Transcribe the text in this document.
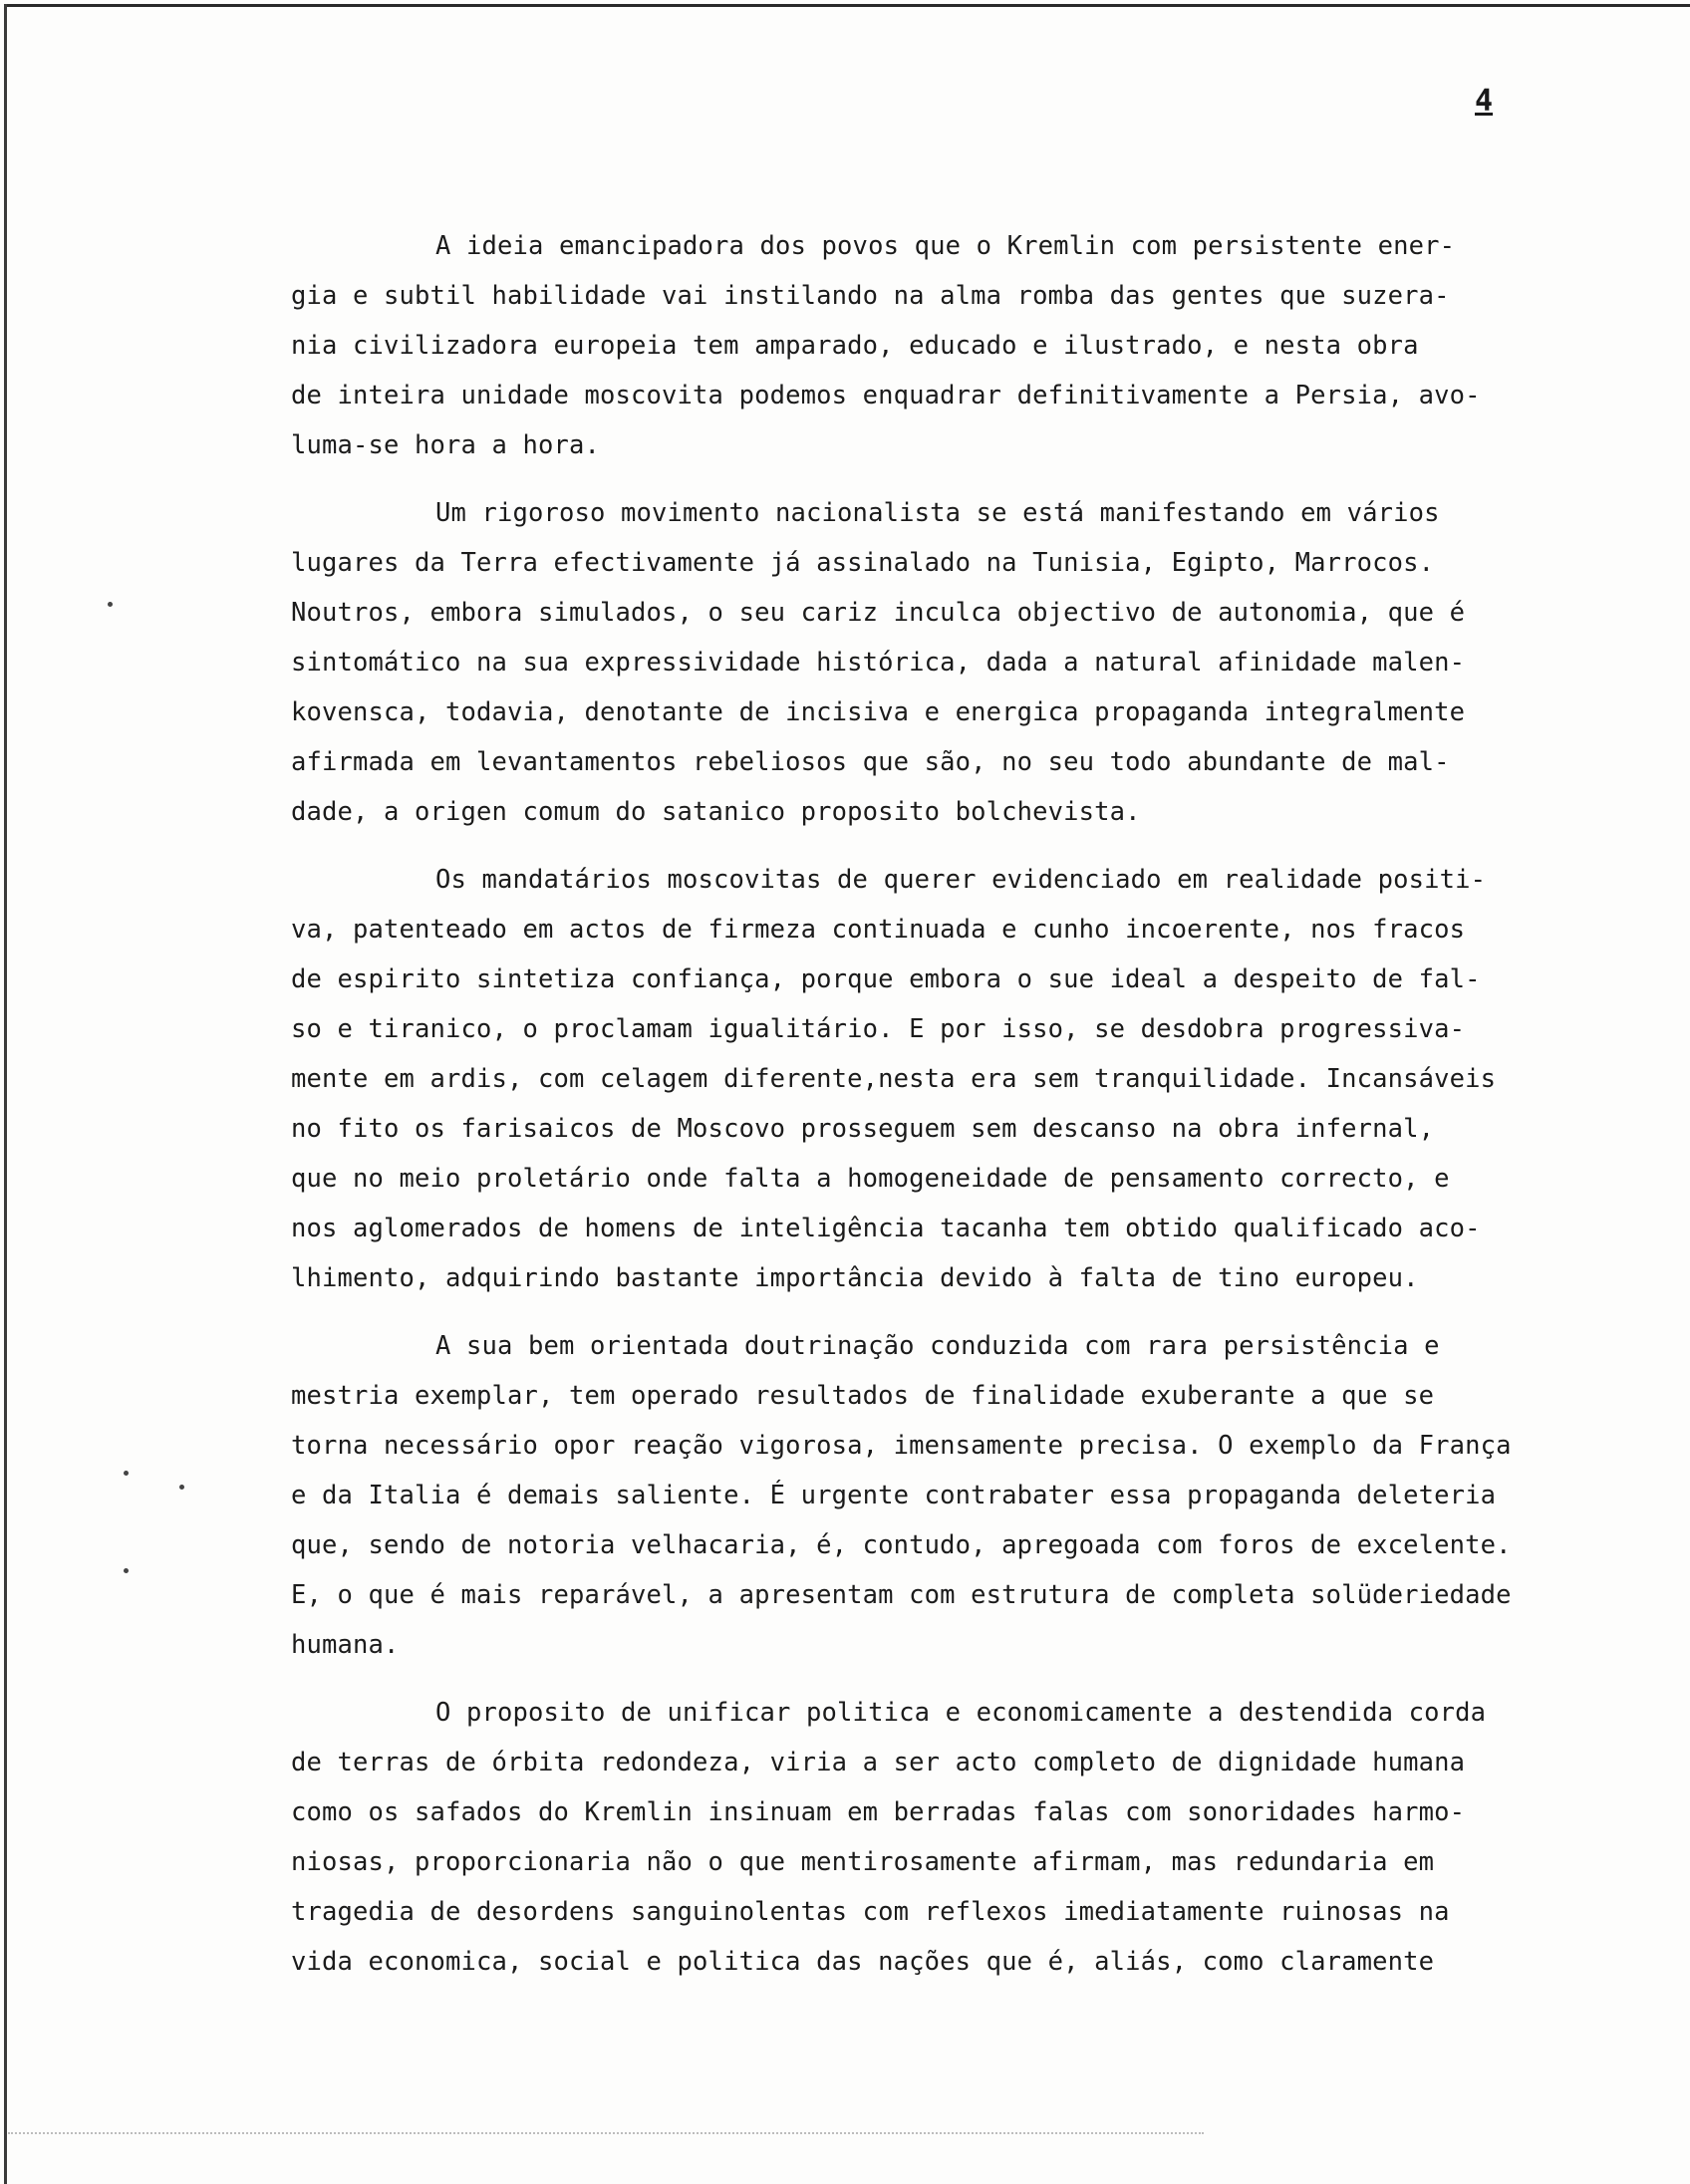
4
A ideia emancipadora dos povos que o Kremlin com persistente ener-
gia e subtil habilidade vai instilando na alma romba das gentes que suzera-
nia civilizadora europeia tem amparado, educado e ilustrado, e nesta obra
de inteira unidade moscovita podemos enquadrar definitivamente a Persia, avo-
luma-se hora a hora.
Um rigoroso movimento nacionalista se está manifestando em vários
lugares da Terra efectivamente já assinalado na Tunisia, Egipto, Marrocos.
Noutros, embora simulados, o seu cariz inculca objectivo de autonomia, que é
sintomático na sua expressividade histórica, dada a natural afinidade malen-
kovensca, todavia, denotante de incisiva e energica propaganda integralmente
afirmada em levantamentos rebeliosos que são, no seu todo abundante de mal-
dade, a origen comum do satanico proposito bolchevista.
Os mandatários moscovitas de querer evidenciado em realidade positi-
va, patenteado em actos de firmeza continuada e cunho incoerente, nos fracos
de espirito sintetiza confiança, porque embora o sue ideal a despeito de fal-
so e tiranico, o proclamam igualitário. E por isso, se desdobra progressiva-
mente em ardis, com celagem diferente,nesta era sem tranquilidade. Incansáveis
no fito os farisaicos de Moscovo prosseguem sem descanso na obra infernal,
que no meio proletário onde falta a homogeneidade de pensamento correcto, e
nos aglomerados de homens de inteligência tacanha tem obtido qualificado aco-
lhimento, adquirindo bastante importância devido à falta de tino europeu.
A sua bem orientada doutrinação conduzida com rara persistência e
mestria exemplar, tem operado resultados de finalidade exuberante a que se
torna necessário opor reação vigorosa, imensamente precisa. O exemplo da França
e da Italia é demais saliente. É urgente contrabater essa propaganda deleteria
que, sendo de notoria velhacaria, é, contudo, apregoada com foros de excelente.
E, o que é mais reparável, a apresentam com estrutura de completa solüderiedade
humana.
O proposito de unificar politica e economicamente a destendida corda
de terras de órbita redondeza, viria a ser acto completo de dignidade humana
como os safados do Kremlin insinuam em berradas falas com sonoridades harmo-
niosas, proporcionaria não o que mentirosamente afirmam, mas redundaria em
tragedia de desordens sanguinolentas com reflexos imediatamente ruinosas na
vida economica, social e politica das nações que é, aliás, como claramente
